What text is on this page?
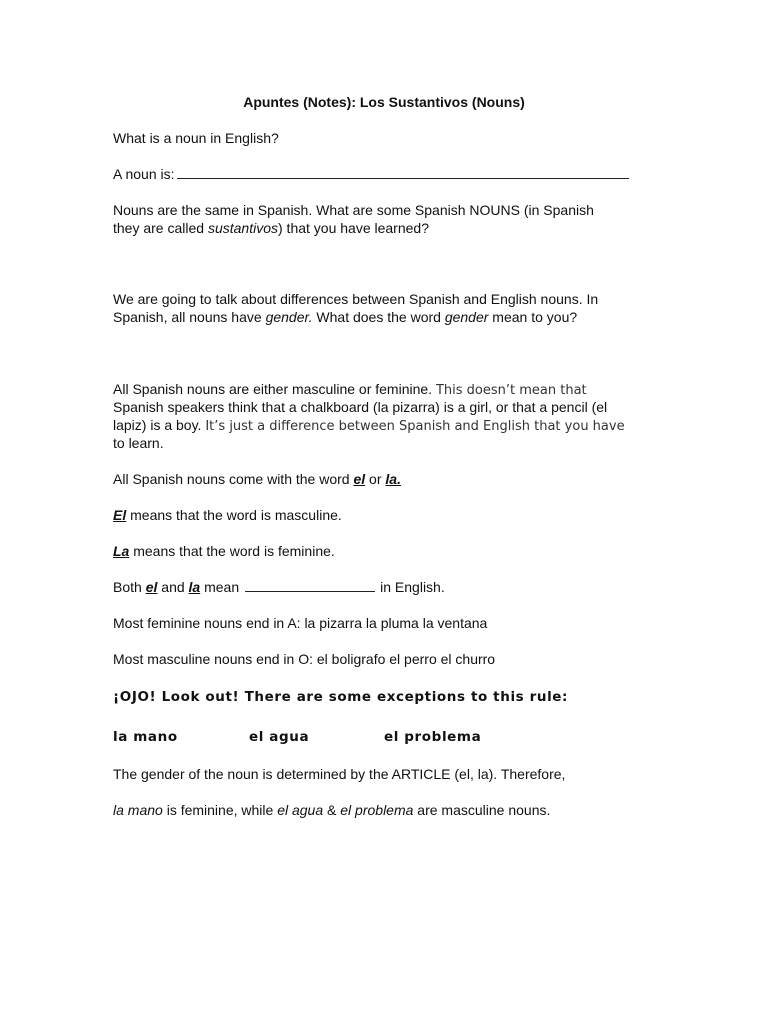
Apuntes (Notes): Los Sustantivos (Nouns)
What is a noun in English?
A noun is:
Nouns are the same in Spanish. What are some Spanish NOUNS (in Spanish
they are called sustantivos) that you have learned?
We are going to talk about differences between Spanish and English nouns. In
Spanish, all nouns have gender. What does the word gender mean to you?
All Spanish nouns are either masculine or feminine. This doesn’t mean that
Spanish speakers think that a chalkboard (la pizarra) is a girl, or that a pencil (el
lapiz) is a boy. It’s just a difference between Spanish and English that you have
to learn.
All Spanish nouns come with the word el or la.
El means that the word is masculine.
La means that the word is feminine.
Both el and la mean	in English.
Most feminine nouns end in A: la pizarra la pluma la ventana
Most masculine nouns end in O: el boligrafo el perro el churro
¡OJO! Look out! There are some exceptions to this rule:
la mano	el agua	el problema
The gender of the noun is determined by the ARTICLE (el, la). Therefore,
la mano is feminine, while el agua & el problema are masculine nouns.
